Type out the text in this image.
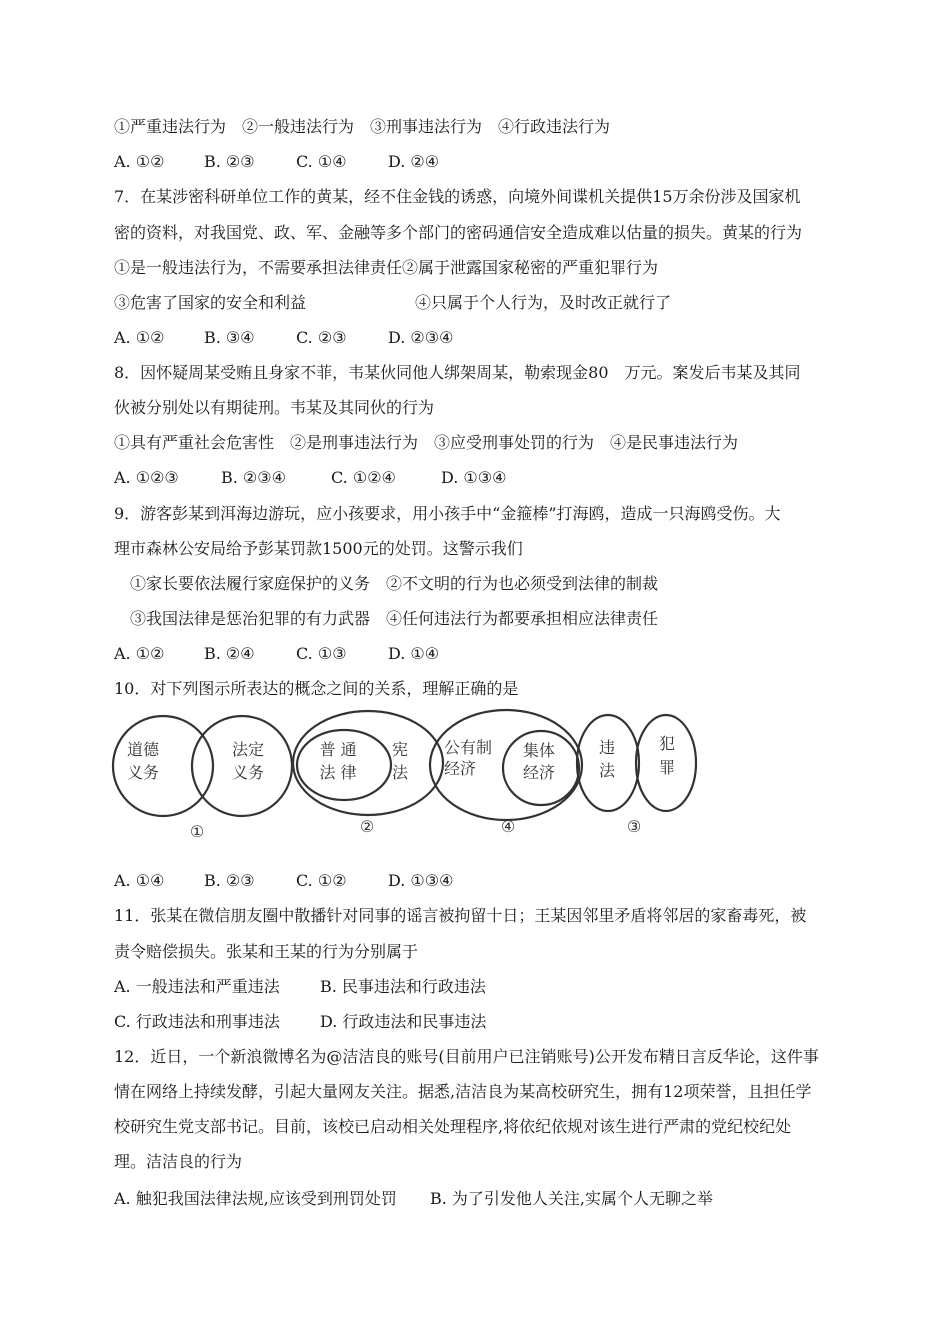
①严重违法行为　②一般违法行为　③刑事违法行为　④行政违法行为
A. ①② B. ②③	C. ①④	D. ②④
7．在某涉密科研单位工作的黄某，经不住金钱的诱惑，向境外间谍机关提供15万余份涉及国家机
密的资料，对我国党、政、军、金融等多个部门的密码通信安全造成难以估量的损失。黄某的行为
①是一般违法行为，不需要承担法律责任②属于泄露国家秘密的严重犯罪行为
③危害了国家的安全和利益	④只属于个人行为，及时改正就行了
A. ①② B. ③④	C. ②③	D. ②③④
8．因怀疑周某受贿且身家不菲，韦某伙同他人绑架周某，勒索现金80　万元。案发后韦某及其同
伙被分别处以有期徒刑。韦某及其同伙的行为
①具有严重社会危害性　②是刑事违法行为　③应受刑事处罚的行为　④是民事违法行为
A. ①②③	B. ②③④	C. ①②④	D. ①③④
9．游客彭某到洱海边游玩，应小孩要求，用小孩手中“金箍棒”打海鸥，造成一只海鸥受伤。大
理市森林公安局给予彭某罚款1500元的处罚。这警示我们
①家长要依法履行家庭保护的义务　②不文明的行为也必须受到法律的制裁
③我国法律是惩治犯罪的有力武器　④任何违法行为都要承担相应法律责任
A. ①② B. ②④	C. ①③	D. ①④
10．对下列图示所表达的概念之间的关系，理解正确的是
道德
义务
法定
义务
①
普 通
法 律
宪
法
②
公有制
经济
集体
经济
④
违
法
犯
罪
③
A. ①④ B. ②③	C. ①②	D. ①③④
11．张某在微信朋友圈中散播针对同事的谣言被拘留十日；王某因邻里矛盾将邻居的家畜毒死，被
责令赔偿损失。张某和王某的行为分别属于
A. 一般违法和严重违法	B. 民事违法和行政违法
C. 行政违法和刑事违法	D. 行政违法和民事违法
12．近日，一个新浪微博名为@洁洁良的账号(目前用户已注销账号)公开发布精日言反华论，这件事
情在网络上持续发酵，引起大量网友关注。据悉,洁洁良为某高校研究生，拥有12项荣誉，且担任学
校研究生党支部书记。目前，该校已启动相关处理程序,将依纪依规对该生进行严肃的党纪校纪处
理。洁洁良的行为
A. 触犯我国法律法规,应该受到刑罚处罚 B. 为了引发他人关注,实属个人无聊之举
